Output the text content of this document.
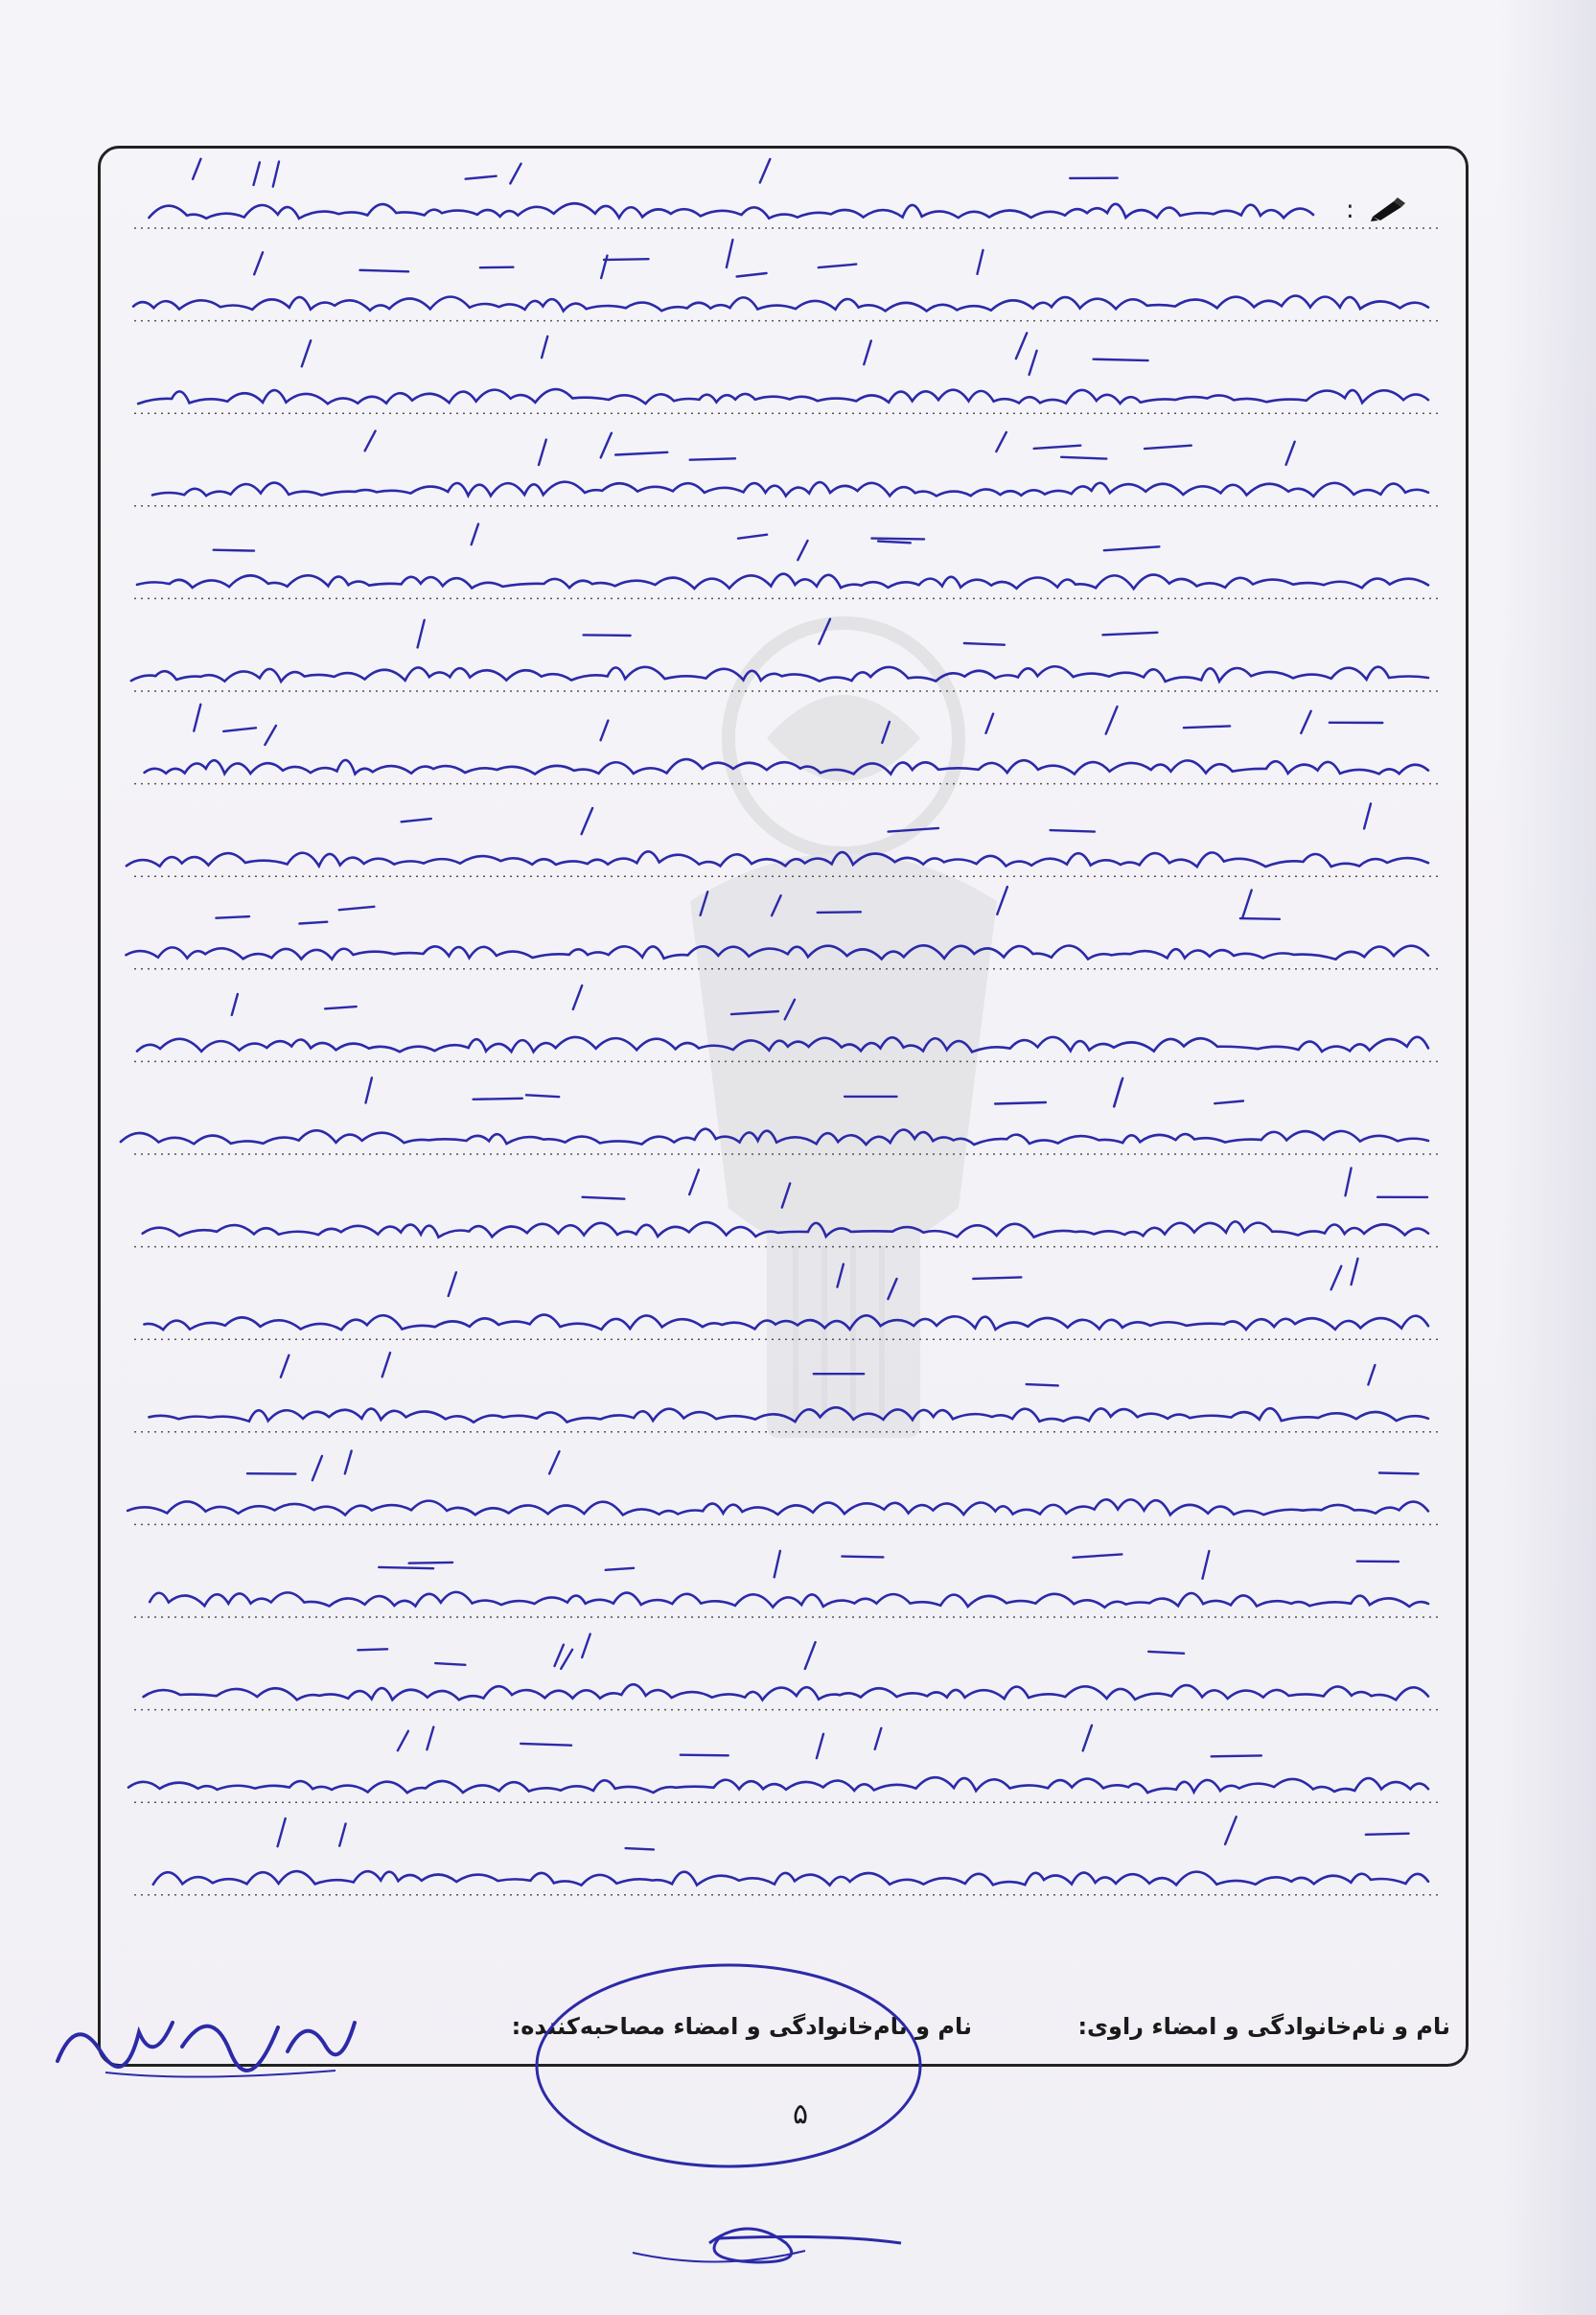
:
نام و نام‌خانوادگی و امضاء راوی:
نام و نام‌خانوادگی و امضاء مصاحبه‌کننده:
۵
